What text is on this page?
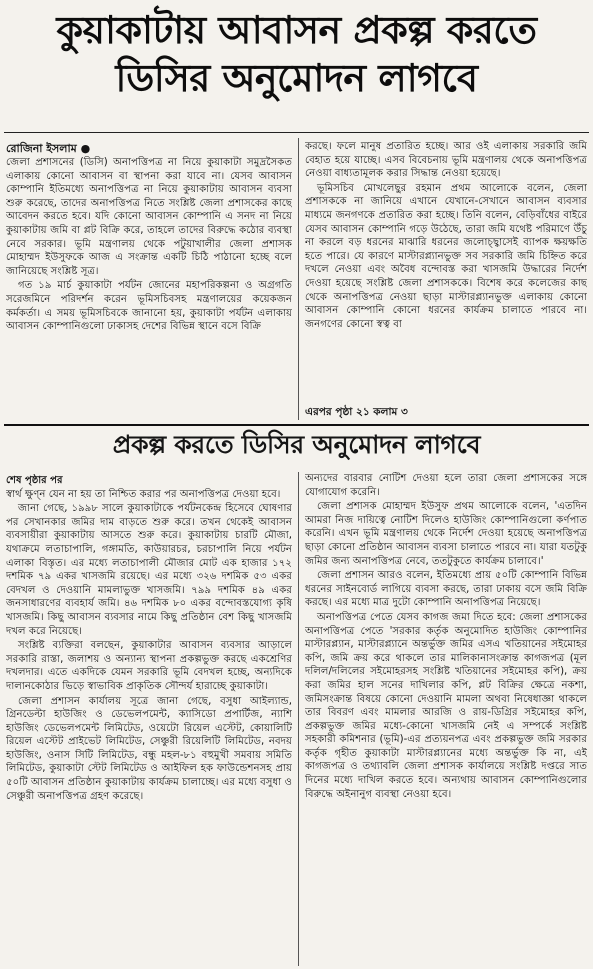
কুয়াকাটায় আবাসন প্রকল্প করতে
ডিসির অনুমোদন লাগবে
রোজিনা ইসলাম ●

জেলা প্রশাসনের (ডিসি) অনাপত্তিপত্র না নিয়ে কুয়াকাটা সমুদ্রসৈকত এলাকায় কোনো আবাসন বা স্থাপনা করা যাবে না। যেসব আবাসন কোম্পানি ইতিমধ্যে অনাপত্তিপত্র না নিয়ে কুয়াকাটায় আবাসন ব্যবসা শুরু করেছে, তাদের অনাপত্তিপত্র নিতে সংশ্লিষ্ট জেলা প্রশাসকের কাছে আবেদন করতে হবে। যদি কোনো আবাসন কোম্পানি এ সনদ না নিয়ে কুয়াকাটায় জমি বা প্লট বিক্রি করে, তাহলে তাদের বিরুদ্ধে কঠোর ব্যবস্থা নেবে সরকার। ভূমি মন্ত্রণালয় থেকে পটুয়াখালীর জেলা প্রশাসক মোহাম্মদ ইউসুফকে আজ এ সংক্রান্ত একটি চিঠি পাঠানো হচ্ছে বলে জানিয়েছে সংশ্লিষ্ট সূত্র।

গত ১৯ মার্চ কুয়াকাটা পর্যটন জোনের মহাপরিকল্পনা ও অগ্রগতি সরেজমিনে পরিদর্শন করেন ভূমিসচিবসহ মন্ত্রণালয়ের কয়েকজন কর্মকর্তা। এ সময় ভূমিসচিবকে জানানো হয়, কুয়াকাটা পর্যটন এলাকায় আবাসন কোম্পানিগুলো ঢাকাসহ দেশের বিভিন্ন স্থানে বসে বিক্রি

করছে। ফলে মানুষ প্রতারিত হচ্ছে। আর ওই এলাকায় সরকারি জমি বেহাত হয়ে যাচ্ছে। এসব বিবেচনায় ভূমি মন্ত্রণালয় থেকে অনাপত্তিপত্র নেওয়া বাধ্যতামূলক করার সিদ্ধান্ত নেওয়া হয়েছে।

ভূমিসচিব মোখলেছুর রহমান প্রথম আলোকে বলেন, জেলা প্রশাসককে না জানিয়ে এখানে যেখানে-সেখানে আবাসন ব্যবসার মাধ্যমে জনগণকে প্রতারিত করা হচ্ছে। তিনি বলেন, বেড়িবাঁধের বাইরে যেসব আবাসন কোম্পানি গড়ে উঠেছে, তারা জমি যথেষ্ট পরিমাণে উঁচু না করলে বড় ধরনের মাঝারি ধরনের জলোচ্ছ্বাসেই ব্যাপক ক্ষয়ক্ষতি হতে পারে। যে কারণে মাস্টারপ্ল্যানভুক্ত সব সরকারি জমি চিহ্নিত করে দখলে নেওয়া এবং অবৈধ বন্দোবস্ত করা খাসজমি উদ্ধারের নির্দেশ দেওয়া হয়েছে সংশ্লিষ্ট জেলা প্রশাসককে। বিশেষ করে কলেজের কাছ থেকে অনাপত্তিপত্র নেওয়া ছাড়া মাস্টারপ্ল্যানভুক্ত এলাকায় কোনো আবাসন কোম্পানি কোনো ধরনের কার্যক্রম চালাতে পারবে না। জনগণের কোনো স্বত্ব বা

এরপর পৃষ্ঠা ২১ কলাম ৩
প্রকল্প করতে ডিসির অনুমোদন লাগবে
শেষ পৃষ্ঠার পর

স্বার্থ ক্ষুণ্ন যেন না হয় তা নিশ্চিত করার পর অনাপত্তিপত্র দেওয়া হবে।

জানা গেছে, ১৯৯৮ সালে কুয়াকাটাকে পর্যটনকেন্দ্র হিসেবে ঘোষণার পর সেখানকার জমির দাম বাড়তে শুরু করে। তখন থেকেই আবাসন ব্যবসায়ীরা কুয়াকাটায় আসতে শুরু করে। কুয়াকাটায় চারটি মৌজা, যথাক্রমে লতাচাপালি, গঙ্গামতি, কাউয়ারচর, চরচাপালি নিয়ে পর্যটন এলাকা বিস্তৃত। এর মধ্যে লতাচাপালী মৌজার মোট এক হাজার ১৭২ দশমিক ৭৯ একর খাসজমি রয়েছে। এর মধ্যে ৩২৬ দশমিক ৫৩ একর বেদখল ও দেওয়ানি মামলাভুক্ত খাসজমি। ৭৯৯ দশমিক ৪৯ একর জনসাধারণের ব্যবহার্য জমি। ৪৬ দশমিক ৮০ একর বন্দোবস্তযোগ্য কৃষি খাসজমি। কিছু আবাসন ব্যবসার নামে কিছু প্রতিষ্ঠান বেশ কিছু খাসজমি দখল করে নিয়েছে।

সংশ্লিষ্ট ব্যক্তিরা বলছেন, কুয়াকাটার আবাসন ব্যবসার আড়ালে সরকারি রাস্তা, জলাশয় ও অন্যান্য স্থাপনা প্রকল্পভুক্ত করছে একশ্রেণির দখলদার। এতে একদিকে যেমন সরকারি ভূমি বেদখল হচ্ছে, অন্যদিকে দালানকোঠার ভিড়ে স্বাভাবিক প্রাকৃতিক সৌন্দর্য হারাচ্ছে কুয়াকাটা।

জেলা প্রশাসন কার্যালয় সূত্রে জানা গেছে, বসুধা আইল্যান্ড, গ্রিনডেল্টা হাউজিং ও ডেভেলপমেন্ট, ক্যাসিডো প্রপার্টিজ, ন্যাশি হাউজিং ডেভেলপমেন্ট লিমিটেড, ওয়েটো রিয়েল এস্টেট, কোয়ালিটি রিয়েল এস্টেট প্রাইভেট লিমিটেড, সেঞ্চুরী রিয়েলিটি লিমিটেড, নবদয় হাউজিং, ওনাস সিটি লিমিটেড, বন্ধু মহল-৮১ বহুমুখী সমবায় সমিতি লিমিটেড, কুয়াকাটা স্টেট লিমিটেড ও আইফিল হক ফাউন্ডেশনসহ প্রায় ৫০টি আবাসন প্রতিষ্ঠান কুয়াকাটায় কার্যক্রম চালাচ্ছে। এর মধ্যে বসুধা ও সেঞ্চুরী অনাপত্তিপত্র গ্রহণ করেছে।

অন্যদের বারবার নোটিশ দেওয়া হলে তারা জেলা প্রশাসকের সঙ্গে যোগাযোগ করেনি।

জেলা প্রশাসক মোহাম্মদ ইউসুফ প্রথম আলোকে বলেন, 'এতদিন আমরা নিজ দায়িত্বে নোটিশ দিলেও হাউজিং কোম্পানিগুলো কর্ণপাত করেনি। এখন ভূমি মন্ত্রণালয় থেকে নির্দেশ দেওয়া হয়েছে অনাপত্তিপত্র ছাড়া কোনো প্রতিষ্ঠান আবাসন ব্যবসা চালাতে পারবে না। যারা যতটুকু জমির জন্য অনাপত্তিপত্র নেবে, ততটুকুতে কার্যক্রম চালাবে।'

জেলা প্রশাসন আরও বলেন, ইতিমধ্যে প্রায় ৫০টি কোম্পানি বিভিন্ন ধরনের সাইনবোর্ড লাগিয়ে ব্যবসা করছে, তারা ঢাকায় বসে জমি বিক্রি করছে। এর মধ্যে মাত্র দুটো কোম্পানি অনাপত্তিপত্র নিয়েছে।

অনাপত্তিপত্র পেতে যেসব কাগজ জমা দিতে হবে: জেলা প্রশাসকের অনাপত্তিপত্র পেতে 'সরকার কর্তৃক অনুমোদিত হাউজিং কোম্পানির মাস্টারপ্ল্যান, মাস্টারপ্ল্যানে অন্তর্ভুক্ত জমির এসএ খতিয়ানের সইমোহর কপি, জমি ক্রয় করে থাকলে তার মালিকানাসংক্রান্ত কাগজপত্র (মূল দলিল/দলিলের সইমোহরসহ সংশ্লিষ্ট খতিয়ানের সইমোহর কপি), ক্রয় করা জমির হাল সনের দাখিলার কপি, প্লট বিক্রির ক্ষেত্রে নকশা, জমিসংক্রান্ত বিষয়ে কোনো দেওয়ানি মামলা অথবা নিষেধাজ্ঞা থাকলে তার বিবরণ এবং মামলার আরজি ও রায়-ডিগ্রির সইমোহর কপি, প্রকল্পভুক্ত জমির মধ্যে-কোনো খাসজমি নেই এ সম্পর্কে সংশ্লিষ্ট সহকারী কমিশনার (ভূমি)-এর প্রত্যয়নপত্র এবং প্রকল্পভুক্ত জমি সরকার কর্তৃক গৃহীত কুয়াকাটা মাস্টারপ্ল্যানের মধ্যে অন্তর্ভুক্ত কি না, এই কাগজপত্র ও তথ্যাবলি জেলা প্রশাসক কার্যালয়ে সংশ্লিষ্ট দপ্তরে সাত দিনের মধ্যে দাখিল করতে হবে। অন্যথায় আবাসন কোম্পানিগুলোর বিরুদ্ধে অইনানুগ ব্যবস্থা নেওয়া হবে।
